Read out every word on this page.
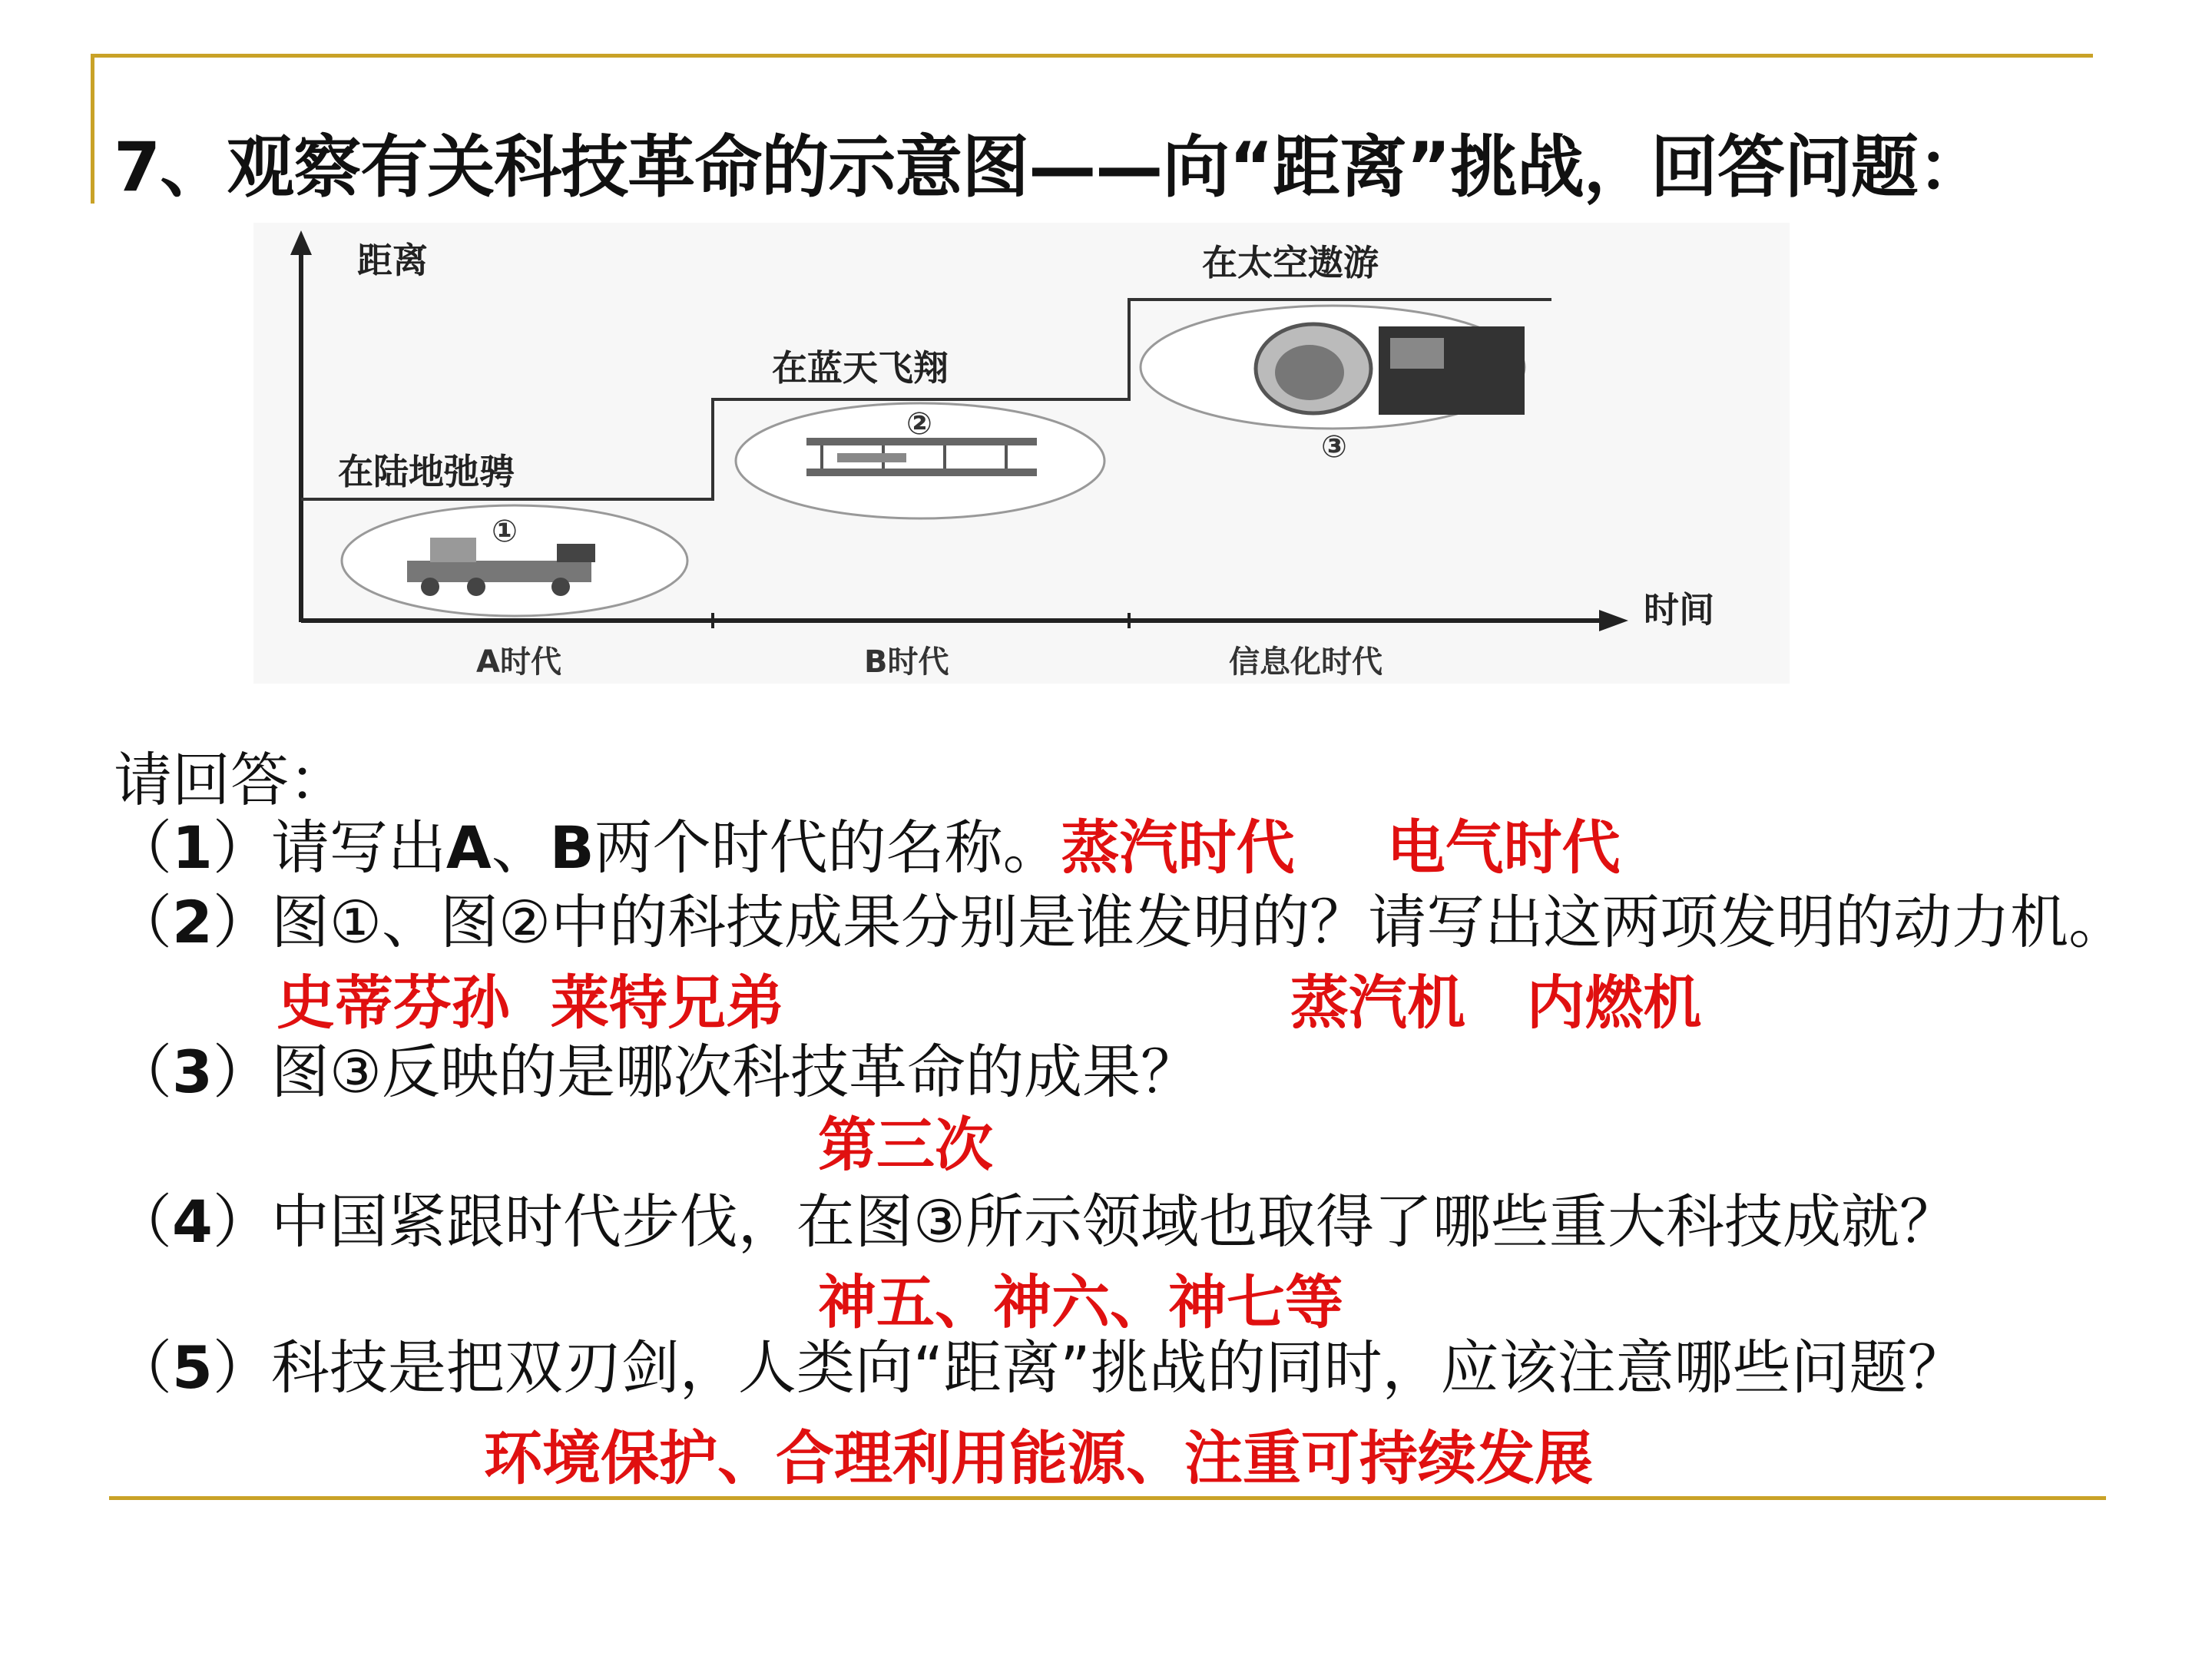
7、观察有关科技革命的示意图——向“距离”挑战，回答问题：
距离
时间
在陆地弛骋
在蓝天飞翔
在太空遨游
①
②
③
A时代	B时代	信息化时代
请回答：
（1）请写出A、B两个时代的名称。蒸汽时代 电气时代
（2）图①、图②中的科技成果分别是谁发明的？请写出这两项发明的动力机。
史蒂芬孙  莱特兄弟	蒸汽机   内燃机
（3）图③反映的是哪次科技革命的成果？
第三次
（4）中国紧跟时代步伐，在图③所示领域也取得了哪些重大科技成就？
神五、神六、神七等
（5）科技是把双刃剑，人类向“距离”挑战的同时，应该注意哪些问题？
环境保护、合理利用能源、注重可持续发展
